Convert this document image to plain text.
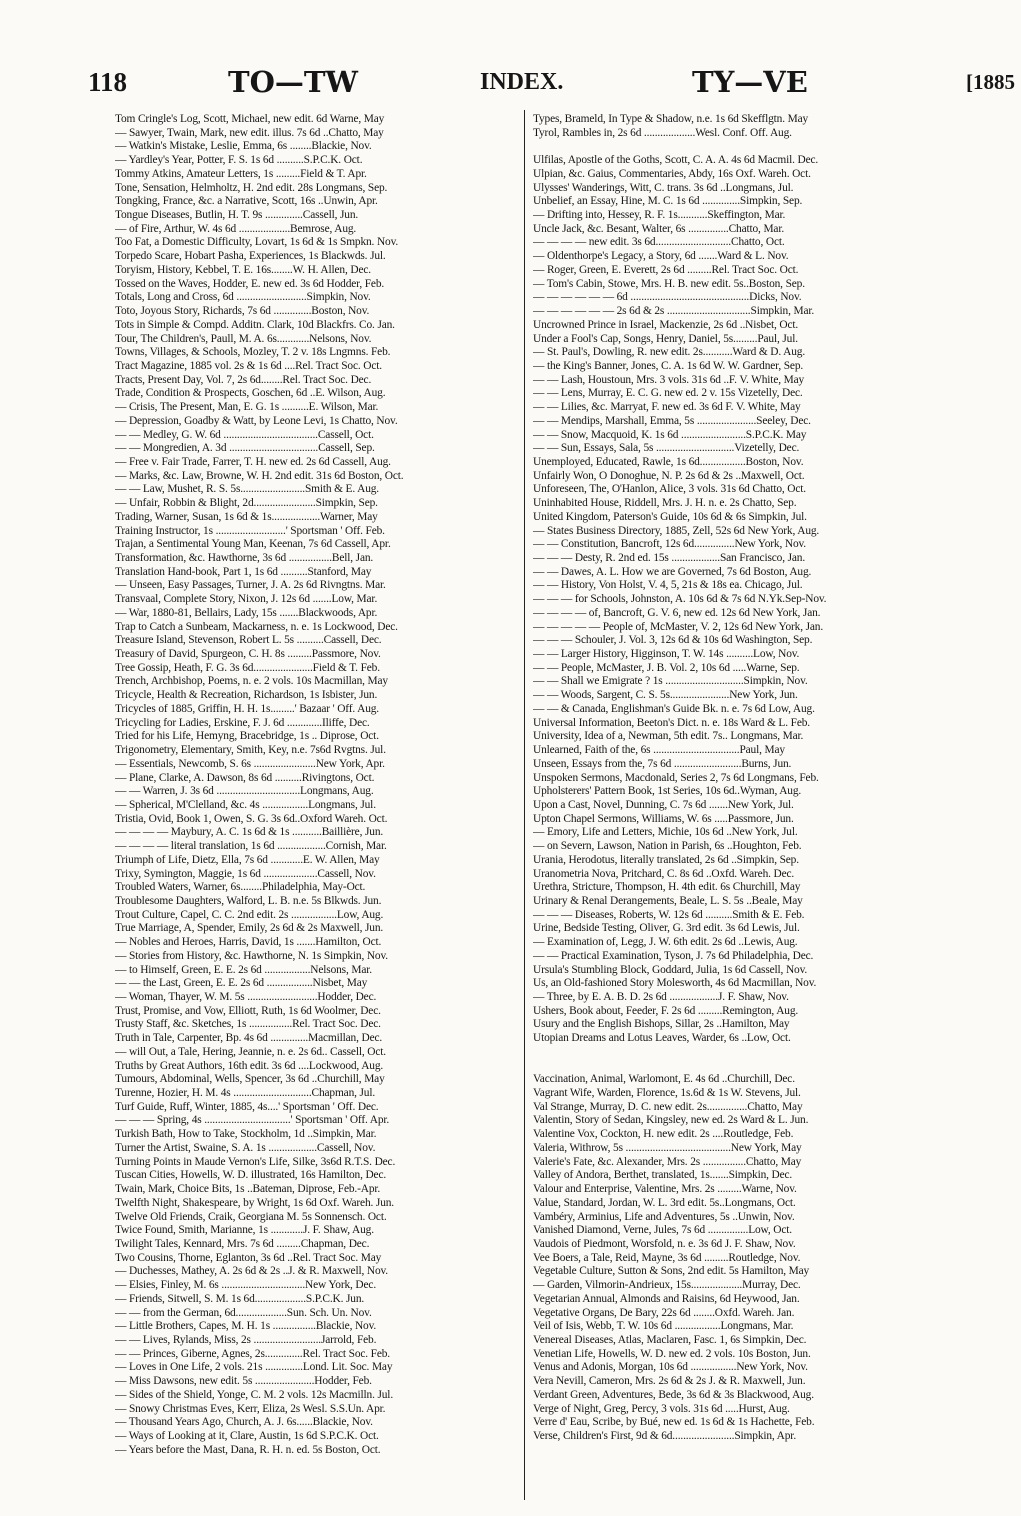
118	TO—TW	INDEX.	TY—VE	[1885
Tom Cringle's Log, Scott, Michael, new edit. 6d Warne, May
— Sawyer, Twain, Mark, new edit. illus. 7s 6d ..Chatto, May
— Watkin's Mistake, Leslie, Emma, 6s ........Blackie, Nov.
— Yardley's Year, Potter, F. S. 1s 6d ..........S.P.C.K. Oct.
Tommy Atkins, Amateur Letters, 1s .........Field & T. Apr.
Tone, Sensation, Helmholtz, H. 2nd edit. 28s Longmans, Sep.
Tongking, France, &c. a Narrative, Scott, 16s ..Unwin, Apr.
Tongue Diseases, Butlin, H. T. 9s ..............Cassell, Jun.
— of Fire, Arthur, W. 4s 6d ...................Bemrose, Aug.
Too Fat, a Domestic Difficulty, Lovart, 1s 6d & 1s Smpkn. Nov.
Torpedo Scare, Hobart Pasha, Experiences, 1s Blackwds. Jul.
Toryism, History, Kebbel, T. E. 16s........W. H. Allen, Dec.
Tossed on the Waves, Hodder, E. new ed. 3s 6d Hodder, Feb.
Totals, Long and Cross, 6d ..........................Simpkin, Nov.
Toto, Joyous Story, Richards, 7s 6d ..............Boston, Nov.
Tots in Simple & Compd. Additn. Clark, 10d Blackfrs. Co. Jan.
Tour, The Children's, Paull, M. A. 6s............Nelsons, Nov.
Towns, Villages, & Schools, Mozley, T. 2 v. 18s Lngmns. Feb.
Tract Magazine, 1885 vol. 2s & 1s 6d ....Rel. Tract Soc. Oct.
Tracts, Present Day, Vol. 7, 2s 6d........Rel. Tract Soc. Dec.
Trade, Condition & Prospects, Goschen, 6d ..E. Wilson, Aug.
— Crisis, The Present, Man, E. G. 1s ..........E. Wilson, Mar.
— Depression, Goadby & Watt, by Leone Levi, 1s Chatto, Nov.
— — Medley, G. W. 6d ...................................Cassell, Oct.
— — Mongredien, A. 3d .................................Cassell, Sep.
— Free v. Fair Trade, Farrer, T. H. new ed. 2s 6d Cassell, Aug.
— Marks, &c. Law, Browne, W. H. 2nd edit. 31s 6d Boston, Oct.
— — Law, Mushet, R. S. 5s........................Smith & E. Aug.
— Unfair, Robbin & Blight, 2d.......................Simpkin, Sep.
Trading, Warner, Susan, 1s 6d & 1s..................Warner, May
Training Instructor, 1s ..........................' Sportsman ' Off. Feb.
Trajan, a Sentimental Young Man, Keenan, 7s 6d Cassell, Apr.
Transformation, &c. Hawthorne, 3s 6d ................Bell, Jan.
Translation Hand-book, Part 1, 1s 6d ..........Stanford, May
— Unseen, Easy Passages, Turner, J. A. 2s 6d Rivngtns. Mar.
Transvaal, Complete Story, Nixon, J. 12s 6d .......Low, Mar.
— War, 1880-81, Bellairs, Lady, 15s .......Blackwoods, Apr.
Trap to Catch a Sunbeam, Mackarness, n. e. 1s Lockwood, Dec.
Treasure Island, Stevenson, Robert L. 5s ..........Cassell, Dec.
Treasury of David, Spurgeon, C. H. 8s .........Passmore, Nov.
Tree Gossip, Heath, F. G. 3s 6d......................Field & T. Feb.
Trench, Archbishop, Poems, n. e. 2 vols. 10s Macmillan, May
Tricycle, Health & Recreation, Richardson, 1s Isbister, Jun.
Tricycles of 1885, Griffin, H. H. 1s.........' Bazaar ' Off. Aug.
Tricycling for Ladies, Erskine, F. J. 6d .............Iliffe, Dec.
Tried for his Life, Hemyng, Bracebridge, 1s .. Diprose, Oct.
Trigonometry, Elementary, Smith, Key, n.e. 7s6d Rvgtns. Jul.
— Essentials, Newcomb, S. 6s .......................New York, Apr.
— Plane, Clarke, A. Dawson, 8s 6d ..........Rivingtons, Oct.
— — Warren, J. 3s 6d ...............................Longmans, Aug.
— Spherical, M'Clelland, &c. 4s .................Longmans, Jul.
Tristia, Ovid, Book 1, Owen, S. G. 3s 6d..Oxford Wareh. Oct.
— — — — Maybury, A. C. 1s 6d & 1s ...........Baillière, Jun.
— — — — literal translation, 1s 6d ..................Cornish, Mar.
Triumph of Life, Dietz, Ella, 7s 6d ............E. W. Allen, May
Trixy, Symington, Maggie, 1s 6d ....................Cassell, Nov.
Troubled Waters, Warner, 6s........Philadelphia, May-Oct.
Troublesome Daughters, Walford, L. B. n.e. 5s Blkwds. Jun.
Trout Culture, Capel, C. C. 2nd edit. 2s .................Low, Aug.
True Marriage, A, Spender, Emily, 2s 6d & 2s Maxwell, Jun.
— Nobles and Heroes, Harris, David, 1s .......Hamilton, Oct.
— Stories from History, &c. Hawthorne, N. 1s Simpkin, Nov.
— to Himself, Green, E. E. 2s 6d .................Nelsons, Mar.
— — the Last, Green, E. E. 2s 6d .................Nisbet, May
— Woman, Thayer, W. M. 5s ..........................Hodder, Dec.
Trust, Promise, and Vow, Elliott, Ruth, 1s 6d Woolmer, Dec.
Trusty Staff, &c. Sketches, 1s ................Rel. Tract Soc. Dec.
Truth in Tale, Carpenter, Bp. 4s 6d ..............Macmillan, Dec.
— will Out, a Tale, Hering, Jeannie, n. e. 2s 6d.. Cassell, Oct.
Truths by Great Authors, 16th edit. 3s 6d ....Lockwood, Aug.
Tumours, Abdominal, Wells, Spencer, 3s 6d ..Churchill, May
Turenne, Hozier, H. M. 4s .............................Chapman, Jul.
Turf Guide, Ruff, Winter, 1885, 4s....' Sportsman ' Off. Dec.
— — — Spring, 4s ................................' Sportsman ' Off. Apr.
Turkish Bath, How to Take, Stockholm, 1d ..Simpkin, Mar.
Turner the Artist, Swaine, S. A. 1s ..................Cassell, Nov.
Turning Points in Maude Vernon's Life, Silke, 3s6d R.T.S. Dec.
Tuscan Cities, Howells, W. D. illustrated, 16s Hamilton, Dec.
Twain, Mark, Choice Bits, 1s ..Bateman, Diprose, Feb.-Apr.
Twelfth Night, Shakespeare, by Wright, 1s 6d Oxf. Wareh. Jun.
Twelve Old Friends, Craik, Georgiana M. 5s Sonnensch. Oct.
Twice Found, Smith, Marianne, 1s ............J. F. Shaw, Aug.
Twilight Tales, Kennard, Mrs. 7s 6d .........Chapman, Dec.
Two Cousins, Thorne, Eglanton, 3s 6d ..Rel. Tract Soc. May
— Duchesses, Mathey, A. 2s 6d & 2s ..J. & R. Maxwell, Nov.
— Elsies, Finley, M. 6s ...............................New York, Dec.
— Friends, Sitwell, S. M. 1s 6d...................S.P.C.K. Jun.
— — from the German, 6d...................Sun. Sch. Un. Nov.
— Little Brothers, Capes, M. H. 1s ................Blackie, Nov.
— — Lives, Rylands, Miss, 2s .........................Jarrold, Feb.
— — Princes, Giberne, Agnes, 2s..............Rel. Tract Soc. Feb.
— Loves in One Life, 2 vols. 21s ..............Lond. Lit. Soc. May
— Miss Dawsons, new edit. 5s ......................Hodder, Feb.
— Sides of the Shield, Yonge, C. M. 2 vols. 12s Macmilln. Jul.
— Snowy Christmas Eves, Kerr, Eliza, 2s Wesl. S.S.Un. Apr.
— Thousand Years Ago, Church, A. J. 6s......Blackie, Nov.
— Ways of Looking at it, Clare, Austin, 1s 6d S.P.C.K. Oct.
— Years before the Mast, Dana, R. H. n. ed. 5s Boston, Oct.
Types, Brameld, In Type & Shadow, n.e. 1s 6d Skefflgtn. May
Tyrol, Rambles in, 2s 6d ...................Wesl. Conf. Off. Aug.
Ulfilas, Apostle of the Goths, Scott, C. A. A. 4s 6d Macmil. Dec.
Ulpian, &c. Gaius, Commentaries, Abdy, 16s Oxf. Wareh. Oct.
Ulysses' Wanderings, Witt, C. trans. 3s 6d ..Longmans, Jul.
Unbelief, an Essay, Hine, M. C. 1s 6d ..............Simpkin, Sep.
— Drifting into, Hessey, R. F. 1s...........Skeffington, Mar.
Uncle Jack, &c. Besant, Walter, 6s ...............Chatto, Mar.
— — — — new edit. 3s 6d............................Chatto, Oct.
— Oldenthorpe's Legacy, a Story, 6d .......Ward & L. Nov.
— Roger, Green, E. Everett, 2s 6d .........Rel. Tract Soc. Oct.
— Tom's Cabin, Stowe, Mrs. H. B. new edit. 5s..Boston, Sep.
— — — — — — 6d ............................................Dicks, Nov.
— — — — — — 2s 6d & 2s ...............................Simpkin, Mar.
Uncrowned Prince in Israel, Mackenzie, 2s 6d ..Nisbet, Oct.
Under a Fool's Cap, Songs, Henry, Daniel, 5s.........Paul, Jul.
— St. Paul's, Dowling, R. new edit. 2s...........Ward & D. Aug.
— the King's Banner, Jones, C. A. 1s 6d W. W. Gardner, Sep.
— — Lash, Houstoun, Mrs. 3 vols. 31s 6d ..F. V. White, May
— — Lens, Murray, E. C. G. new ed. 2 v. 15s Vizetelly, Dec.
— — Lilies, &c. Marryat, F. new ed. 3s 6d F. V. White, May
— — Mendips, Marshall, Emma, 5s ......................Seeley, Dec.
— — Snow, Macquoid, K. 1s 6d ........................S.P.C.K. May
— — Sun, Essays, Sala, 5s .............................Vizetelly, Dec.
Unemployed, Educated, Rawle, 1s 6d.................Boston, Nov.
Unfairly Won, O Donoghue, N. P. 2s 6d & 2s ..Maxwell, Oct.
Unforeseen, The, O'Hanlon, Alice, 3 vols. 31s 6d Chatto, Oct.
Uninhabited House, Riddell, Mrs. J. H. n. e. 2s Chatto, Sep.
United Kingdom, Paterson's Guide, 10s 6d & 6s Simpkin, Jul.
— States Business Directory, 1885, Zell, 52s 6d New York, Aug.
— — Constitution, Bancroft, 12s 6d...............New York, Nov.
— — — Desty, R. 2nd ed. 15s ..................San Francisco, Jan.
— — Dawes, A. L. How we are Governed, 7s 6d Boston, Aug.
— — History, Von Holst, V. 4, 5, 21s & 18s ea. Chicago, Jul.
— — — for Schools, Johnston, A. 10s 6d & 7s 6d N.Yk.Sep-Nov.
— — — — of, Bancroft, G. V. 6, new ed. 12s 6d New York, Jan.
— — — — — People of, McMaster, V. 2, 12s 6d New York, Jan.
— — — Schouler, J. Vol. 3, 12s 6d & 10s 6d Washington, Sep.
— — Larger History, Higginson, T. W. 14s ..........Low, Nov.
— — People, McMaster, J. B. Vol. 2, 10s 6d .....Warne, Sep.
— — Shall we Emigrate ? 1s .............................Simpkin, Nov.
— — Woods, Sargent, C. S. 5s......................New York, Jun.
— — & Canada, Englishman's Guide Bk. n. e. 7s 6d Low, Aug.
Universal Information, Beeton's Dict. n. e. 18s Ward & L. Feb.
University, Idea of a, Newman, 5th edit. 7s.. Longmans, Mar.
Unlearned, Faith of the, 6s ................................Paul, May
Unseen, Essays from the, 7s 6d .........................Burns, Jun.
Unspoken Sermons, Macdonald, Series 2, 7s 6d Longmans, Feb.
Upholsterers' Pattern Book, 1st Series, 10s 6d..Wyman, Aug.
Upon a Cast, Novel, Dunning, C. 7s 6d .......New York, Jul.
Upton Chapel Sermons, Williams, W. 6s .....Passmore, Jun.
— Emory, Life and Letters, Michie, 10s 6d ..New York, Jul.
— on Severn, Lawson, Nation in Parish, 6s ..Houghton, Feb.
Urania, Herodotus, literally translated, 2s 6d ..Simpkin, Sep.
Uranometria Nova, Pritchard, C. 8s 6d ..Oxfd. Wareh. Dec.
Urethra, Stricture, Thompson, H. 4th edit. 6s Churchill, May
Urinary & Renal Derangements, Beale, L. S. 5s ..Beale, May
— — — Diseases, Roberts, W. 12s 6d ..........Smith & E. Feb.
Urine, Bedside Testing, Oliver, G. 3rd edit. 3s 6d Lewis, Jul.
— Examination of, Legg, J. W. 6th edit. 2s 6d ..Lewis, Aug.
— — Practical Examination, Tyson, J. 7s 6d Philadelphia, Dec.
Ursula's Stumbling Block, Goddard, Julia, 1s 6d Cassell, Nov.
Us, an Old-fashioned Story Molesworth, 4s 6d Macmillan, Nov.
— Three, by E. A. B. D. 2s 6d ..................J. F. Shaw, Nov.
Ushers, Book about, Feeder, F. 2s 6d .........Remington, Aug.
Usury and the English Bishops, Sillar, 2s ..Hamilton, May
Utopian Dreams and Lotus Leaves, Warder, 6s ..Low, Oct.
Vaccination, Animal, Warlomont, E. 4s 6d ..Churchill, Dec.
Vagrant Wife, Warden, Florence, 1s.6d & 1s W. Stevens, Jul.
Val Strange, Murray, D. C. new edit. 2s...............Chatto, May
Valentin, Story of Sedan, Kingsley, new ed. 2s Ward & L. Jun.
Valentine Vox, Cockton, H. new edit. 2s ....Routledge, Feb.
Valeria, Withrow, 5s .......................................New York, May
Valerie's Fate, &c. Alexander, Mrs. 2s ................Chatto, May
Valley of Andora, Berthet, translated, 1s.......Simpkin, Dec.
Valour and Enterprise, Valentine, Mrs. 2s .........Warne, Nov.
Value, Standard, Jordan, W. L. 3rd edit. 5s..Longmans, Oct.
Vambéry, Arminius, Life and Adventures, 5s ..Unwin, Nov.
Vanished Diamond, Verne, Jules, 7s 6d ...............Low, Oct.
Vaudois of Piedmont, Worsfold, n. e. 3s 6d J. F. Shaw, Nov.
Vee Boers, a Tale, Reid, Mayne, 3s 6d .........Routledge, Nov.
Vegetable Culture, Sutton & Sons, 2nd edit. 5s Hamilton, May
— Garden, Vilmorin-Andrieux, 15s...................Murray, Dec.
Vegetarian Annual, Almonds and Raisins, 6d Heywood, Jan.
Vegetative Organs, De Bary, 22s 6d ........Oxfd. Wareh. Jan.
Veil of Isis, Webb, T. W. 10s 6d .................Longmans, Mar.
Venereal Diseases, Atlas, Maclaren, Fasc. 1, 6s Simpkin, Dec.
Venetian Life, Howells, W. D. new ed. 2 vols. 10s Boston, Jun.
Venus and Adonis, Morgan, 10s 6d .................New York, Nov.
Vera Nevill, Cameron, Mrs. 2s 6d & 2s J. & R. Maxwell, Jun.
Verdant Green, Adventures, Bede, 3s 6d & 3s Blackwood, Aug.
Verge of Night, Greg, Percy, 3 vols. 31s 6d .....Hurst, Aug.
Verre d' Eau, Scribe, by Bué, new ed. 1s 6d & 1s Hachette, Feb.
Verse, Children's First, 9d & 6d.......................Simpkin, Apr.
